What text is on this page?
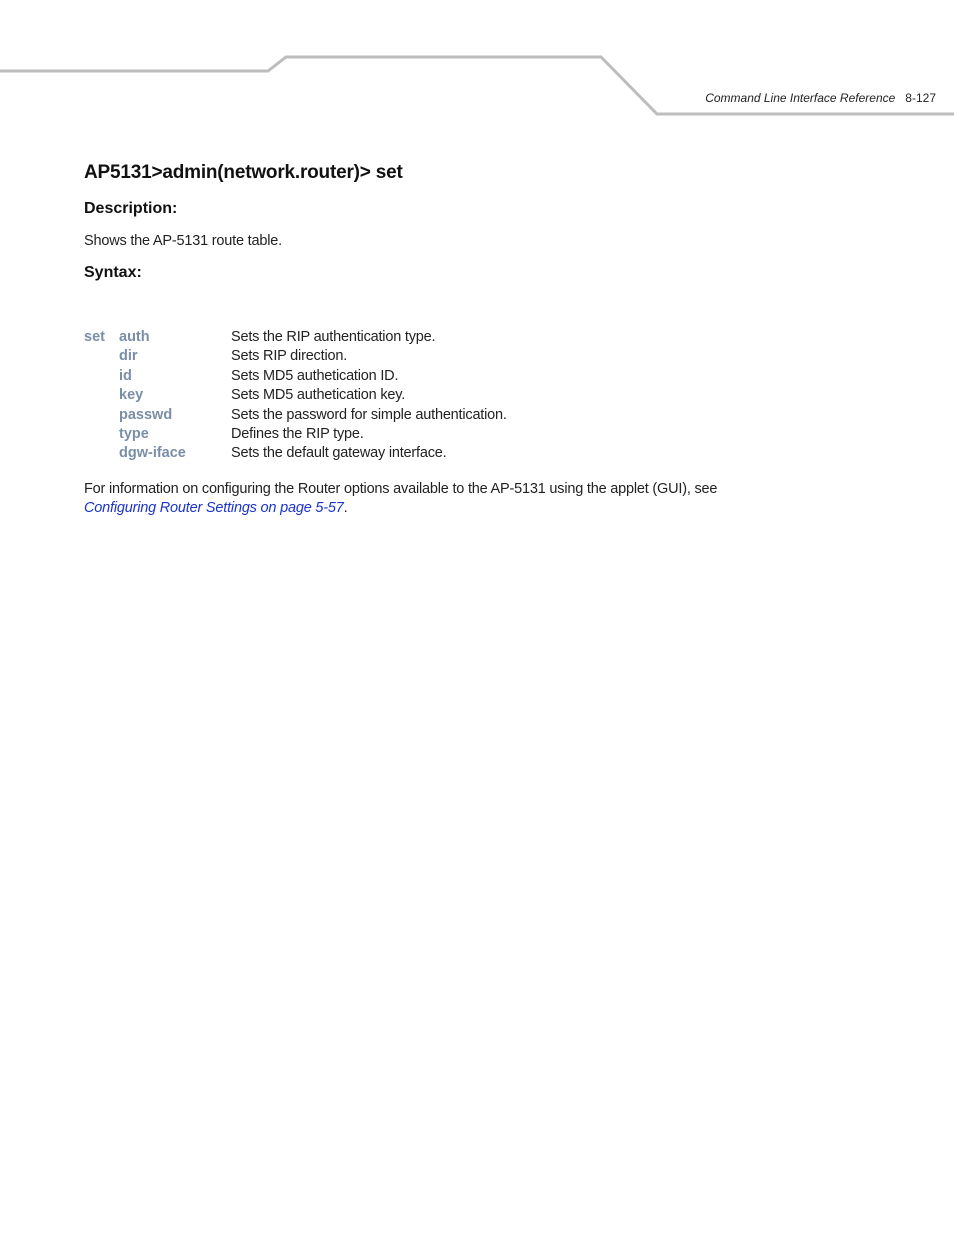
Command Line Interface Reference 8-127
AP5131>admin(network.router)> set
Description:
Shows the AP-5131 route table.
Syntax:
set auth	Sets the RIP authentication type.
dir	Sets RIP direction.
id	Sets MD5 authetication ID.
key	Sets MD5 authetication key.
passwd	Sets the password for simple authentication.
type	Defines the RIP type.
dgw-iface	Sets the default gateway interface.
For information on configuring the Router options available to the AP-5131 using the applet (GUI), see
Configuring Router Settings on page 5-57.
